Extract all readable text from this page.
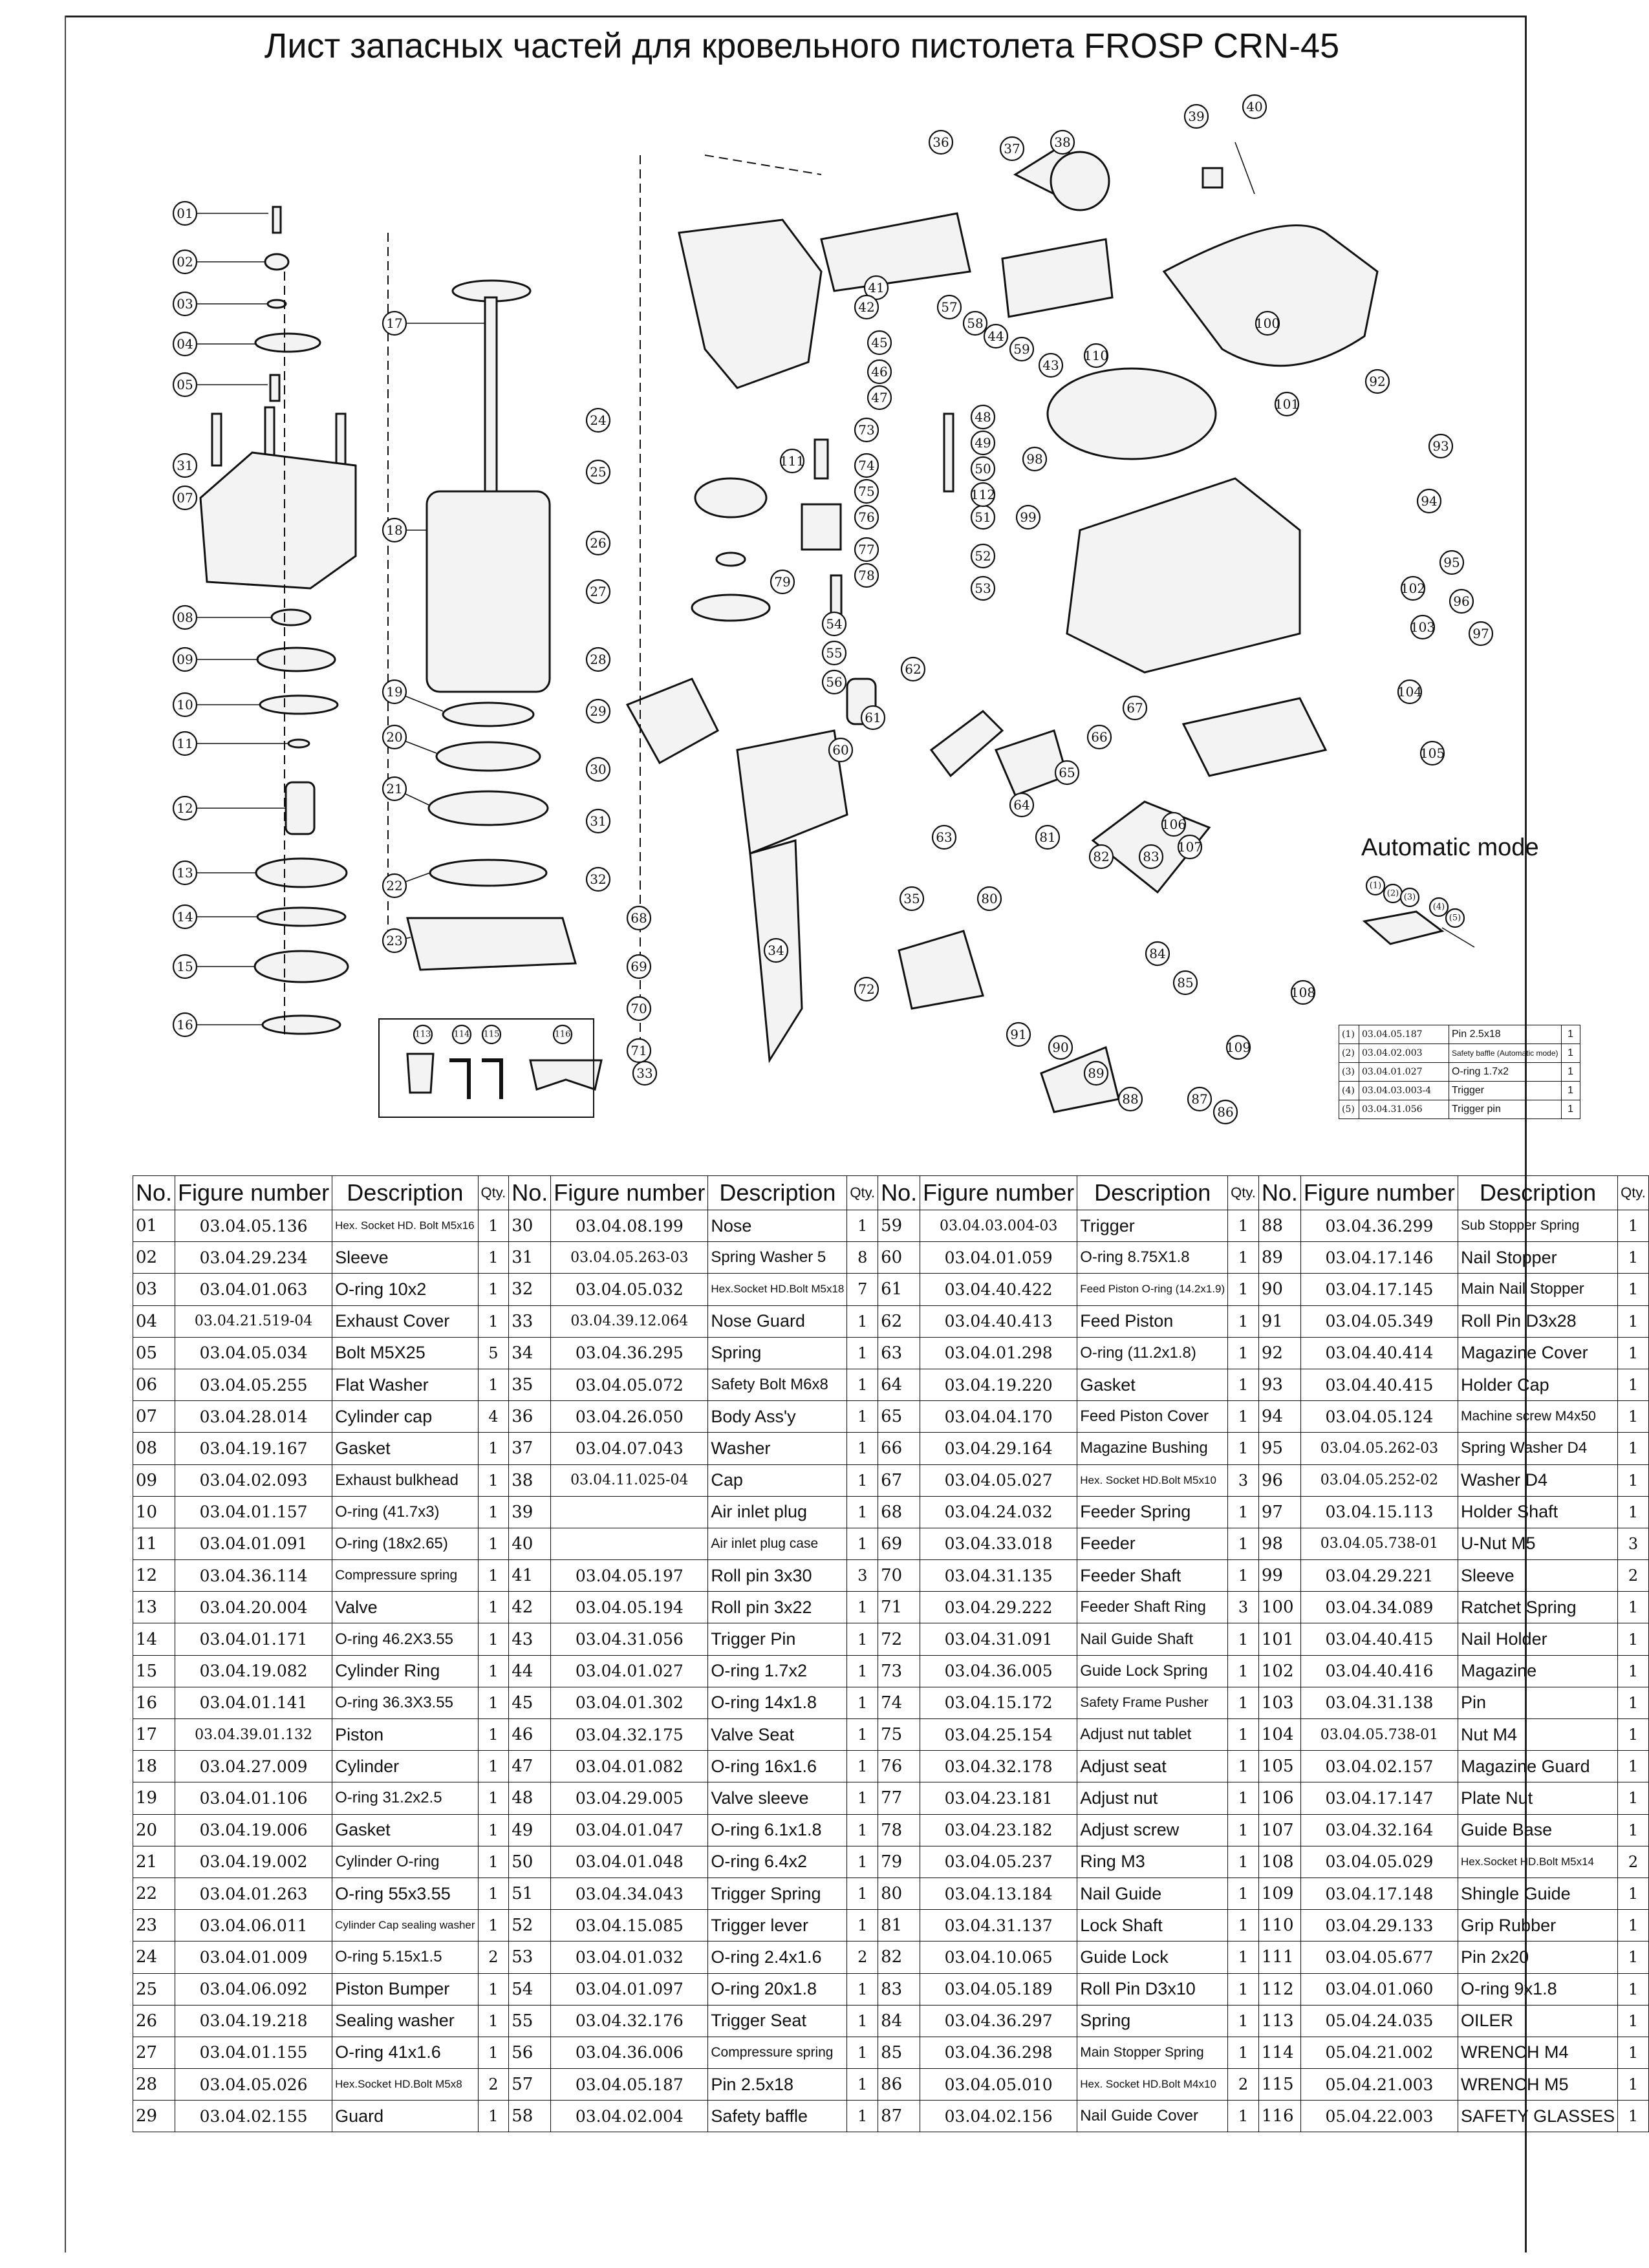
Лист запасных частей для кровельного пистолета FROSP CRN-45
01
02
03
04
05
31
07
08
09
10
11
12
13
14
15
16
17
18
19
20
21
22
23
24
25
26
27
28
29
30
31
32
33
34
35
36	37	38
39
40
41
42
43
44
45
46
47
48
49
50
51
52
53
54
55
56
57
58
59
60
61
62
63
64
65
66
67
68
69
70
71
72
73
74
75
76
77
78
79
80
81
82	83
84
85
86
87
88
89
90
91
92
93
94
95
96
97
98
99
100
101
102
103
104
105
106
107
108
109
110
111
112
113	114 115	116
(1)
(2) (3)
(4)
(5)
Automatic mode
(1)	03.04.05.187	Pin 2.5x18	1
(2)	03.04.02.003	Safety baffle (Automatic mode)	1
(3)	03.04.01.027	O-ring 1.7x2	1
(4)	03.04.03.003-4	Trigger	1
(5)	03.04.31.056	Trigger pin	1
No.	Figure number	Description	Qty.	No.	Figure number	Description	Qty.	No.	Figure number	Description	Qty.	No.	Figure number	Description	Qty.
01	03.04.05.136	Hex. Socket HD. Bolt M5x16	1	30	03.04.08.199	Nose	1	59	03.04.03.004-03	Trigger	1	88	03.04.36.299	Sub Stopper Spring	1
02	03.04.29.234	Sleeve	1	31	03.04.05.263-03	Spring Washer 5	8	60	03.04.01.059	O-ring 8.75X1.8	1	89	03.04.17.146	Nail Stopper	1
03	03.04.01.063	O-ring 10x2	1	32	03.04.05.032	Hex.Socket HD.Bolt M5x18	7	61	03.04.40.422	Feed Piston O-ring (14.2x1.9)	1	90	03.04.17.145	Main Nail Stopper	1
04	03.04.21.519-04	Exhaust Cover	1	33	03.04.39.12.064	Nose Guard	1	62	03.04.40.413	Feed Piston	1	91	03.04.05.349	Roll Pin D3x28	1
05	03.04.05.034	Bolt M5X25	5	34	03.04.36.295	Spring	1	63	03.04.01.298	O-ring (11.2x1.8)	1	92	03.04.40.414	Magazine Cover	1
06	03.04.05.255	Flat Washer	1	35	03.04.05.072	Safety Bolt M6x8	1	64	03.04.19.220	Gasket	1	93	03.04.40.415	Holder Cap	1
07	03.04.28.014	Cylinder cap	4	36	03.04.26.050	Body Ass'y	1	65	03.04.04.170	Feed Piston Cover	1	94	03.04.05.124	Machine screw M4x50	1
08	03.04.19.167	Gasket	1	37	03.04.07.043	Washer	1	66	03.04.29.164	Magazine Bushing	1	95	03.04.05.262-03	Spring Washer D4	1
09	03.04.02.093	Exhaust bulkhead	1	38	03.04.11.025-04	Cap	1	67	03.04.05.027	Hex. Socket HD.Bolt M5x10	3	96	03.04.05.252-02	Washer D4	1
10	03.04.01.157	O-ring (41.7x3)	1	39		Air inlet plug	1	68	03.04.24.032	Feeder Spring	1	97	03.04.15.113	Holder Shaft	1
11	03.04.01.091	O-ring (18x2.65)	1	40		Air inlet plug case	1	69	03.04.33.018	Feeder	1	98	03.04.05.738-01	U-Nut M5	3
12	03.04.36.114	Compressure spring	1	41	03.04.05.197	Roll pin 3x30	3	70	03.04.31.135	Feeder Shaft	1	99	03.04.29.221	Sleeve	2
13	03.04.20.004	Valve	1	42	03.04.05.194	Roll pin 3x22	1	71	03.04.29.222	Feeder Shaft Ring	3	100	03.04.34.089	Ratchet Spring	1
14	03.04.01.171	O-ring 46.2X3.55	1	43	03.04.31.056	Trigger Pin	1	72	03.04.31.091	Nail Guide Shaft	1	101	03.04.40.415	Nail Holder	1
15	03.04.19.082	Cylinder Ring	1	44	03.04.01.027	O-ring 1.7x2	1	73	03.04.36.005	Guide Lock Spring	1	102	03.04.40.416	Magazine	1
16	03.04.01.141	O-ring 36.3X3.55	1	45	03.04.01.302	O-ring 14x1.8	1	74	03.04.15.172	Safety Frame Pusher	1	103	03.04.31.138	Pin	1
17	03.04.39.01.132	Piston	1	46	03.04.32.175	Valve Seat	1	75	03.04.25.154	Adjust nut tablet	1	104	03.04.05.738-01	Nut M4	1
18	03.04.27.009	Cylinder	1	47	03.04.01.082	O-ring 16x1.6	1	76	03.04.32.178	Adjust seat	1	105	03.04.02.157	Magazine Guard	1
19	03.04.01.106	O-ring 31.2x2.5	1	48	03.04.29.005	Valve sleeve	1	77	03.04.23.181	Adjust nut	1	106	03.04.17.147	Plate Nut	1
20	03.04.19.006	Gasket	1	49	03.04.01.047	O-ring 6.1x1.8	1	78	03.04.23.182	Adjust screw	1	107	03.04.32.164	Guide Base	1
21	03.04.19.002	Cylinder O-ring	1	50	03.04.01.048	O-ring 6.4x2	1	79	03.04.05.237	Ring M3	1	108	03.04.05.029	Hex.Socket HD.Bolt M5x14	2
22	03.04.01.263	O-ring 55x3.55	1	51	03.04.34.043	Trigger Spring	1	80	03.04.13.184	Nail Guide	1	109	03.04.17.148	Shingle Guide	1
23	03.04.06.011	Cylinder Cap sealing washer	1	52	03.04.15.085	Trigger lever	1	81	03.04.31.137	Lock Shaft	1	110	03.04.29.133	Grip Rubber	1
24	03.04.01.009	O-ring 5.15x1.5	2	53	03.04.01.032	O-ring 2.4x1.6	2	82	03.04.10.065	Guide Lock	1	111	03.04.05.677	Pin 2x20	1
25	03.04.06.092	Piston Bumper	1	54	03.04.01.097	O-ring 20x1.8	1	83	03.04.05.189	Roll Pin D3x10	1	112	03.04.01.060	O-ring 9x1.8	1
26	03.04.19.218	Sealing washer	1	55	03.04.32.176	Trigger Seat	1	84	03.04.36.297	Spring	1	113	05.04.24.035	OILER	1
27	03.04.01.155	O-ring 41x1.6	1	56	03.04.36.006	Compressure spring	1	85	03.04.36.298	Main Stopper Spring	1	114	05.04.21.002	WRENCH M4	1
28	03.04.05.026	Hex.Socket HD.Bolt M5x8	2	57	03.04.05.187	Pin 2.5x18	1	86	03.04.05.010	Hex. Socket HD.Bolt M4x10	2	115	05.04.21.003	WRENCH M5	1
29	03.04.02.155	Guard	1	58	03.04.02.004	Safety baffle	1	87	03.04.02.156	Nail Guide Cover	1	116	05.04.22.003	SAFETY GLASSES	1
